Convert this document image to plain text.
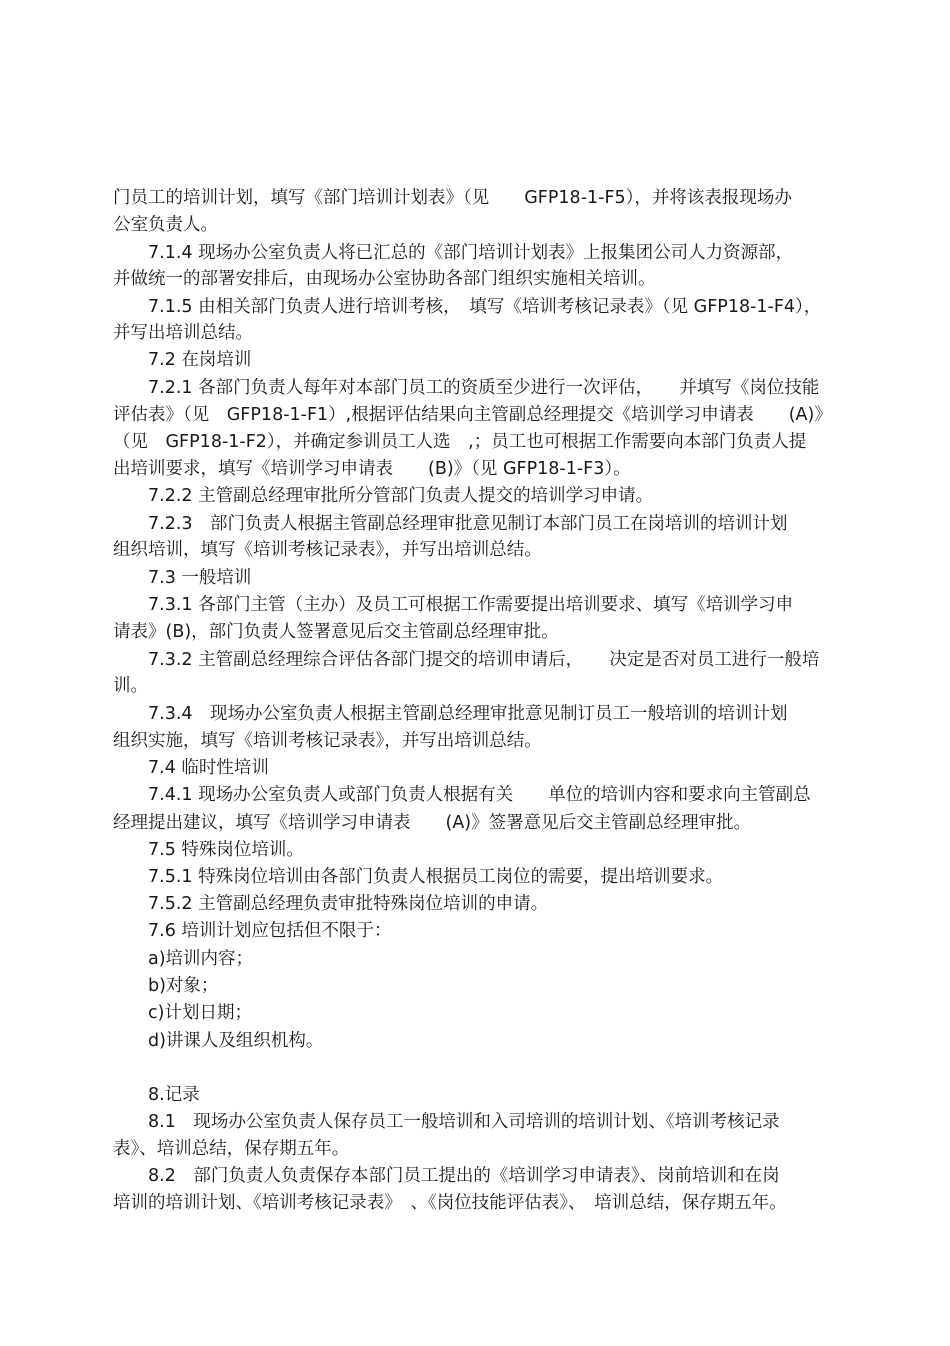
门员工的培训计划，填写《部门培训计划表》（见　　GFP18-1-F5），并将该表报现场办
公室负责人。
7.1.4 现场办公室负责人将已汇总的《部门培训计划表》上报集团公司人力资源部，
并做统一的部署安排后，由现场办公室协助各部门组织实施相关培训。
7.1.5 由相关部门负责人进行培训考核，　填写《培训考核记录表》（见 GFP18-1-F4），
并写出培训总结。
7.2 在岗培训
7.2.1 各部门负责人每年对本部门员工的资质至少进行一次评估，　　并填写《岗位技能
评估表》（见　GFP18-1-F1）,根据评估结果向主管副总经理提交《培训学习申请表　　(A)》
（见　GFP18-1-F2），并确定参训员工人选　,；员工也可根据工作需要向本部门负责人提
出培训要求，填写《培训学习申请表　　(B)》（见 GFP18-1-F3）。
7.2.2 主管副总经理审批所分管部门负责人提交的培训学习申请。
7.2.3　部门负责人根据主管副总经理审批意见制订本部门员工在岗培训的培训计划
组织培训，填写《培训考核记录表》，并写出培训总结。
7.3 一般培训
7.3.1 各部门主管（主办）及员工可根据工作需要提出培训要求、填写《培训学习申
请表》(B)，部门负责人签署意见后交主管副总经理审批。
7.3.2 主管副总经理综合评估各部门提交的培训申请后，　　决定是否对员工进行一般培
训。
7.3.4　现场办公室负责人根据主管副总经理审批意见制订员工一般培训的培训计划
组织实施，填写《培训考核记录表》，并写出培训总结。
7.4 临时性培训
7.4.1 现场办公室负责人或部门负责人根据有关　　单位的培训内容和要求向主管副总
经理提出建议，填写《培训学习申请表　　(A)》签署意见后交主管副总经理审批。
7.5 特殊岗位培训。
7.5.1 特殊岗位培训由各部门负责人根据员工岗位的需要，提出培训要求。
7.5.2 主管副总经理负责审批特殊岗位培训的申请。
7.6 培训计划应包括但不限于：
a)培训内容；
b)对象；
c)计划日期；
d)讲课人及组织机构。
8.记录
8.1　现场办公室负责人保存员工一般培训和入司培训的培训计划、《培训考核记录
表》、培训总结，保存期五年。
8.2　部门负责人负责保存本部门员工提出的《培训学习申请表》、岗前培训和在岗
培训的培训计划、《培训考核记录表》　、《岗位技能评估表》、　培训总结，保存期五年。
